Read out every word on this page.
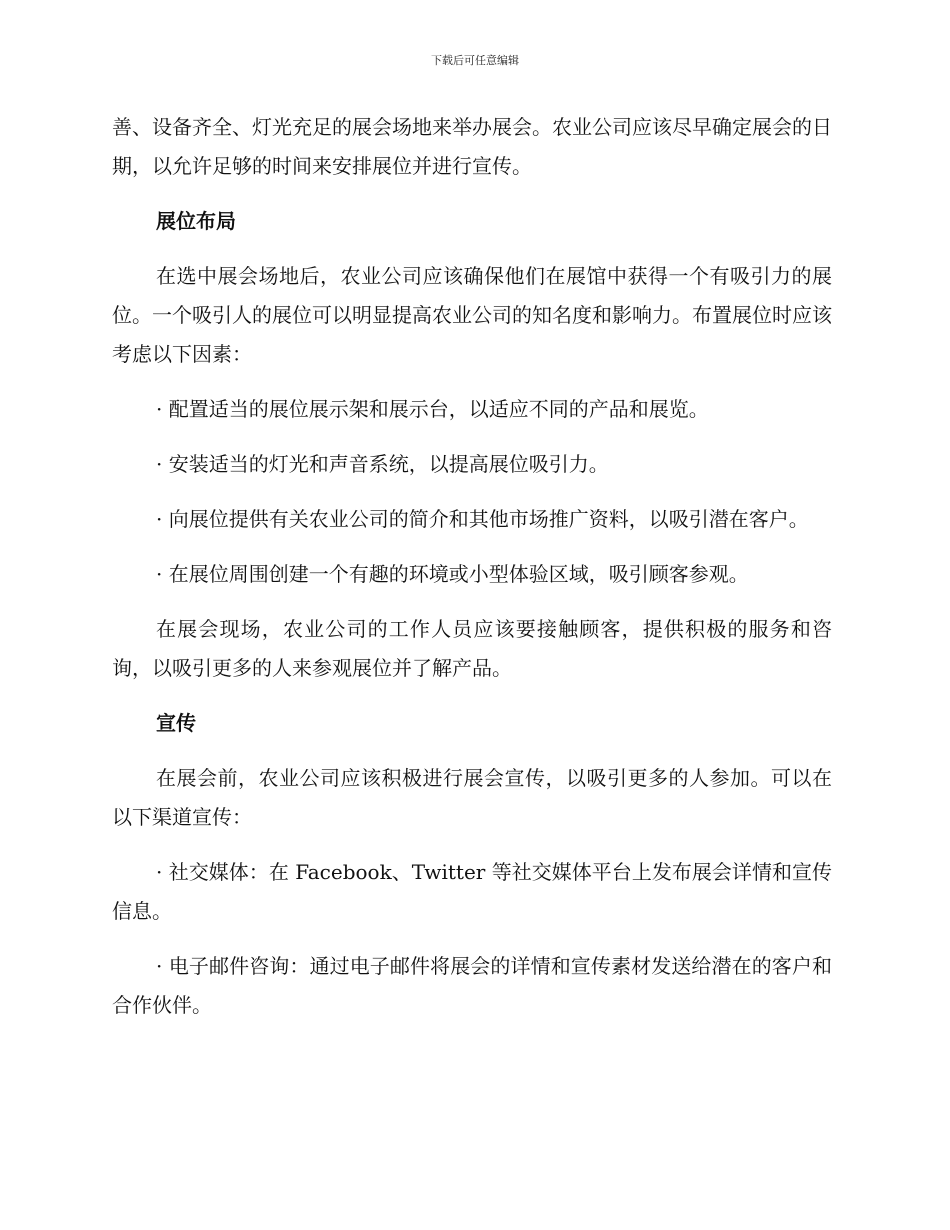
下载后可任意编辑

善、设备齐全、灯光充足的展会场地来举办展会。农业公司应该尽早确定展会的日期，以允许足够的时间来安排展位并进行宣传。

展位布局

在选中展会场地后，农业公司应该确保他们在展馆中获得一个有吸引力的展位。一个吸引人的展位可以明显提高农业公司的知名度和影响力。布置展位时应该考虑以下因素：

· 配置适当的展位展示架和展示台，以适应不同的产品和展览。

· 安装适当的灯光和声音系统，以提高展位吸引力。

· 向展位提供有关农业公司的简介和其他市场推广资料，以吸引潜在客户。

· 在展位周围创建一个有趣的环境或小型体验区域，吸引顾客参观。

在展会现场，农业公司的工作人员应该要接触顾客，提供积极的服务和咨询，以吸引更多的人来参观展位并了解产品。

宣传

在展会前，农业公司应该积极进行展会宣传，以吸引更多的人参加。可以在以下渠道宣传：

· 社交媒体：在 Facebook、Twitter 等社交媒体平台上发布展会详情和宣传信息。

· 电子邮件咨询：通过电子邮件将展会的详情和宣传素材发送给潜在的客户和合作伙伴。
